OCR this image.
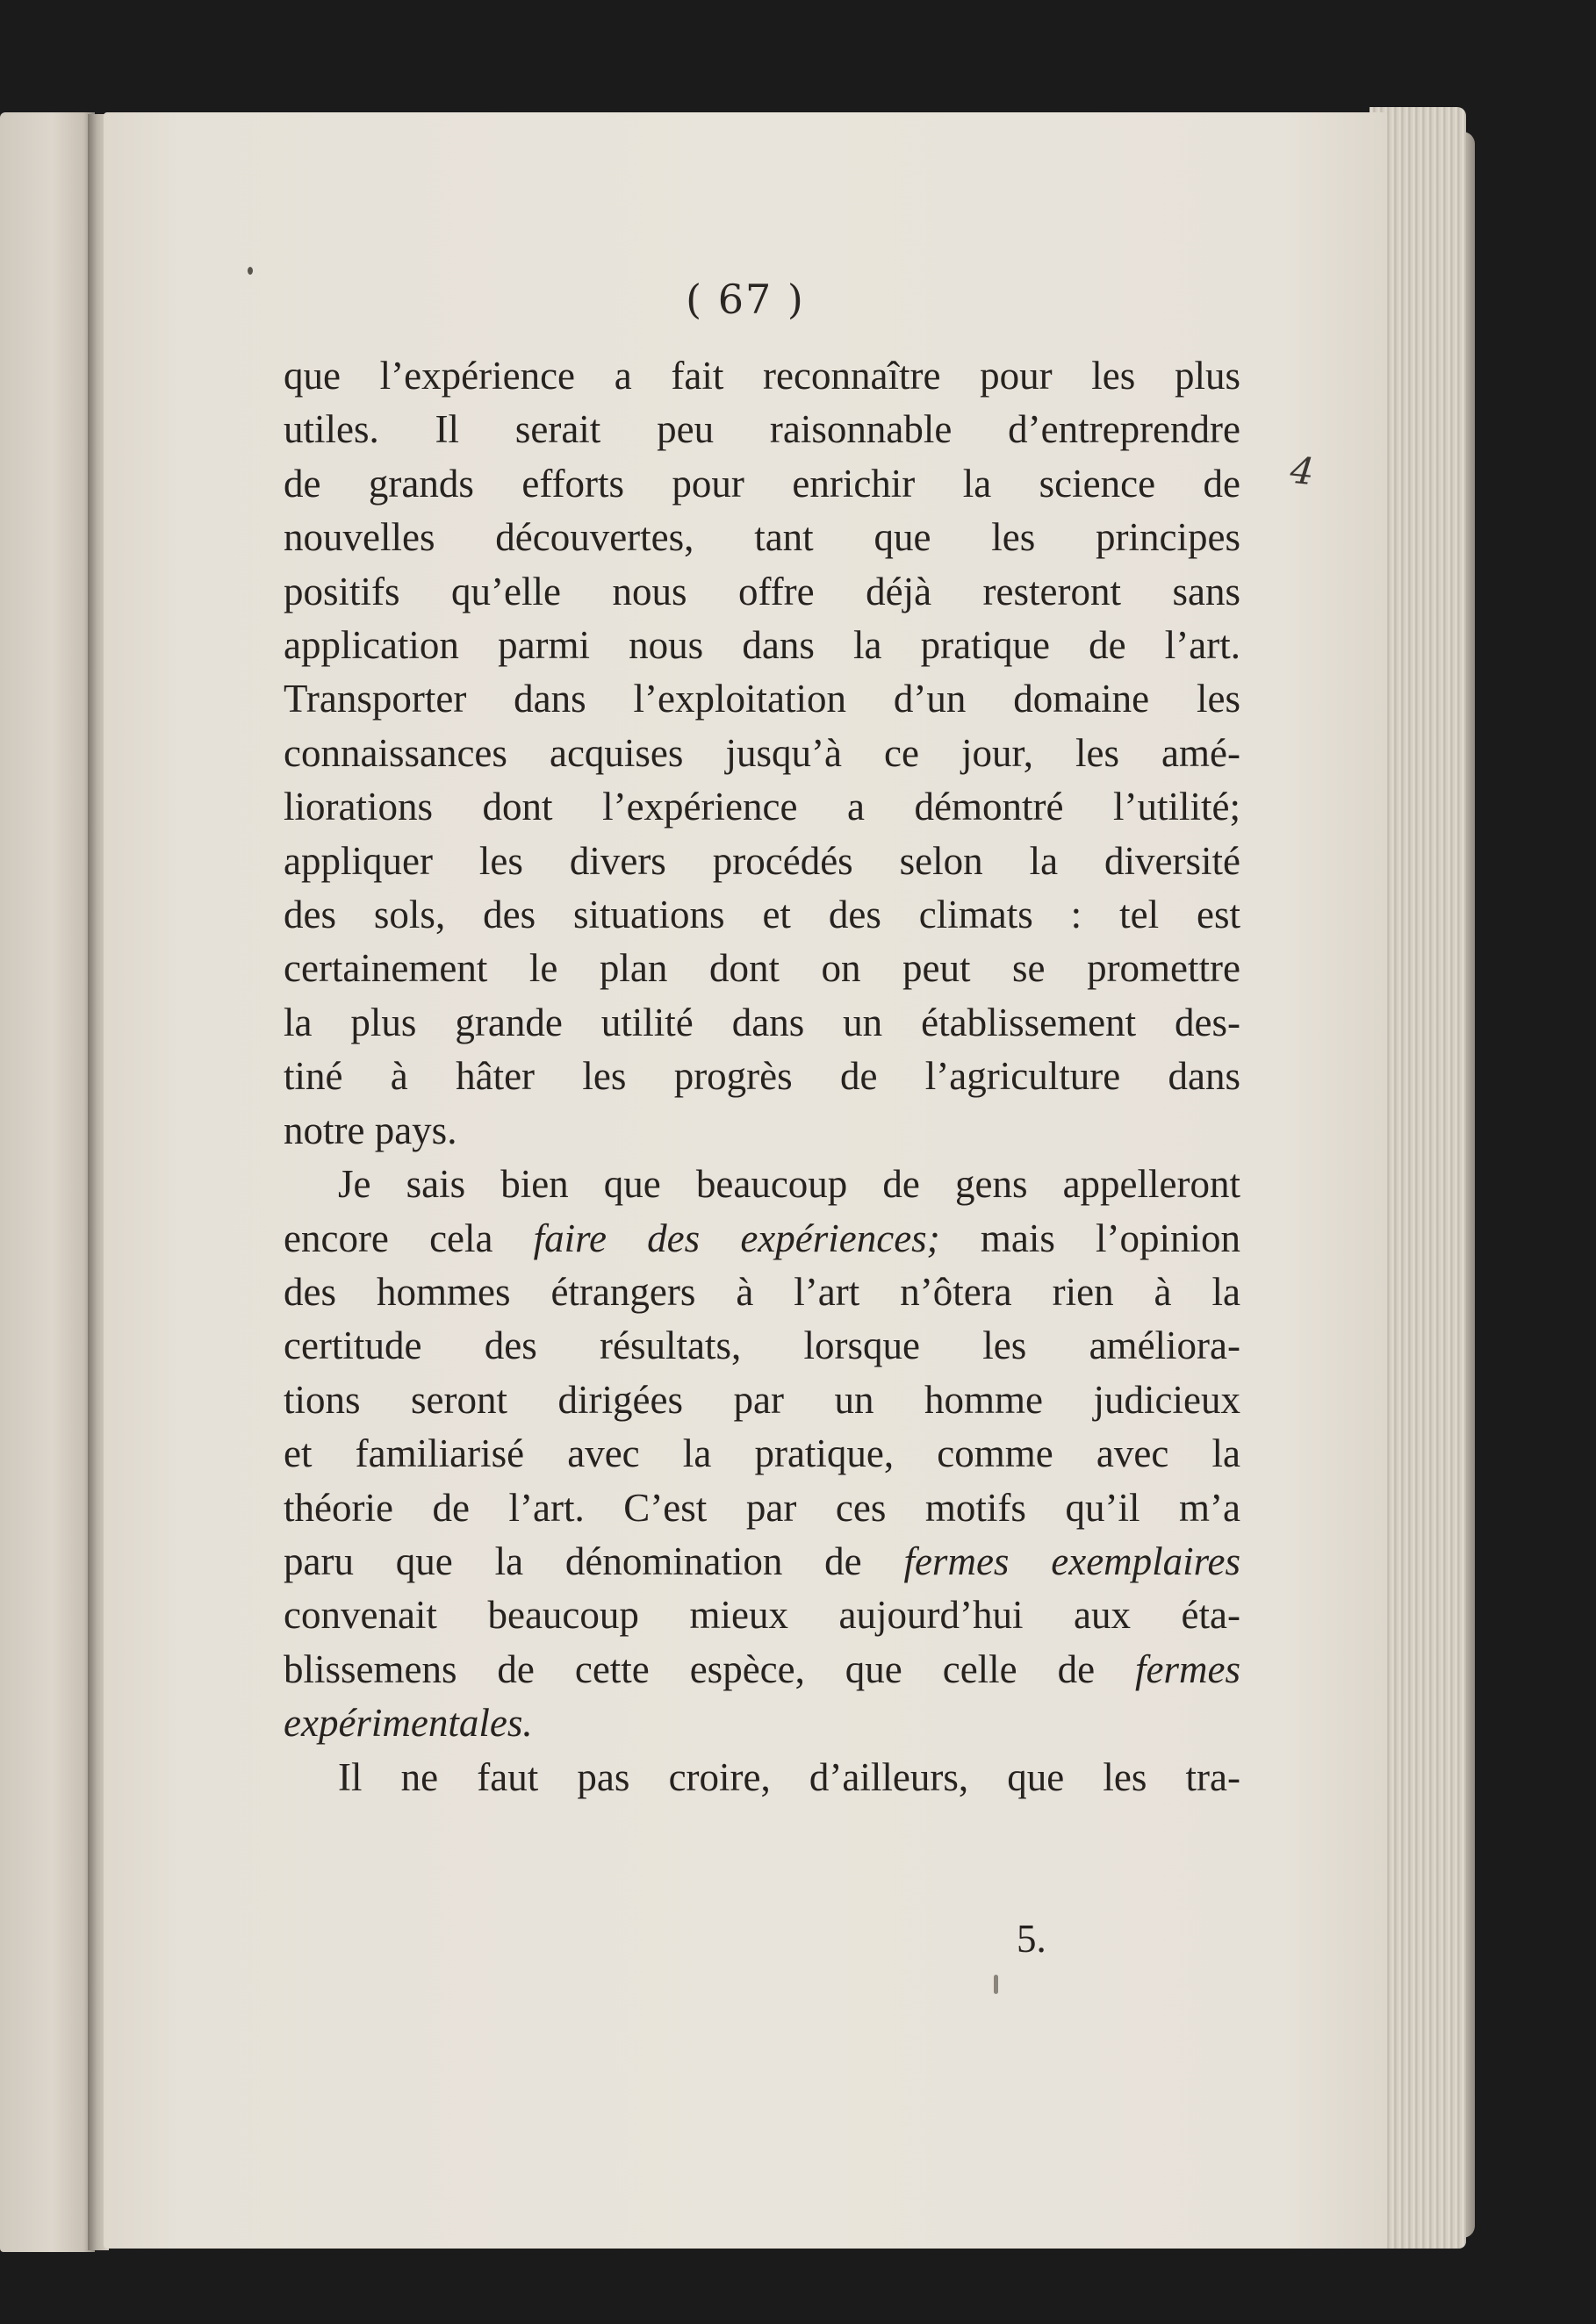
( 67 )
4
que l’expérience a fait reconnaître pour les plus
utiles. Il serait peu raisonnable d’entreprendre
de grands efforts pour enrichir la science de
nouvelles découvertes, tant que les principes
positifs qu’elle nous offre déjà resteront sans
application parmi nous dans la pratique de l’art.
Transporter dans l’exploitation d’un domaine les
connaissances acquises jusqu’à ce jour, les amé-
liorations dont l’expérience a démontré l’utilité;
appliquer les divers procédés selon la diversité
des sols, des situations et des climats : tel est
certainement le plan dont on peut se promettre
la plus grande utilité dans un établissement des-
tiné à hâter les progrès de l’agriculture dans
notre pays.
Je sais bien que beaucoup de gens appelleront
encore cela faire des expériences; mais l’opinion
des hommes étrangers à l’art n’ôtera rien à la
certitude des résultats, lorsque les améliora-
tions seront dirigées par un homme judicieux
et familiarisé avec la pratique, comme avec la
théorie de l’art. C’est par ces motifs qu’il m’a
paru que la dénomination de fermes exemplaires
convenait beaucoup mieux aujourd’hui aux éta-
blissemens de cette espèce, que celle de fermes
expérimentales.
Il ne faut pas croire, d’ailleurs, que les tra-
5.
